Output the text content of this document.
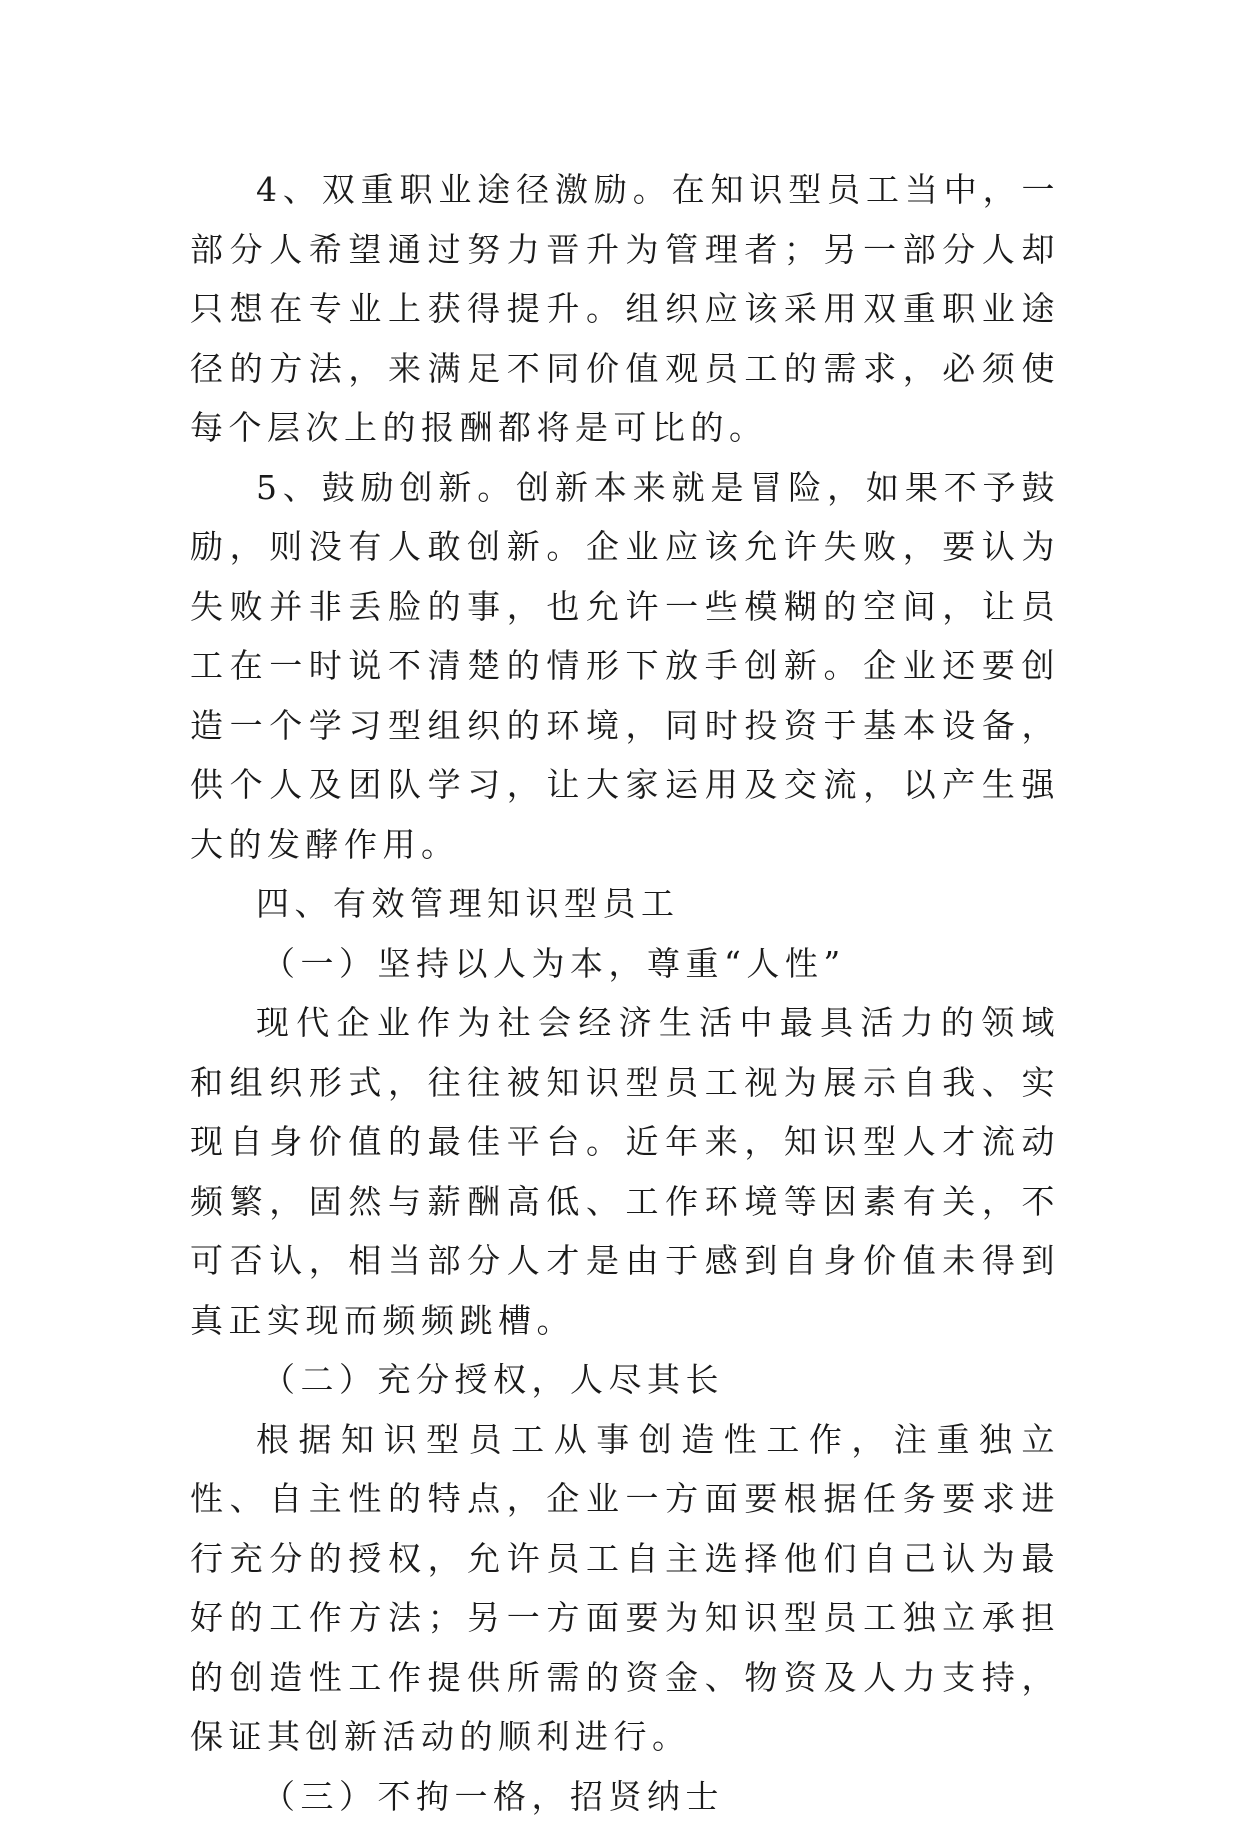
4、双重职业途径激励。在知识型员工当中，一部分人希望通过努力晋升为管理者；另一部分人却只想在专业上获得提升。组织应该采用双重职业途径的方法，来满足不同价值观员工的需求，必须使每个层次上的报酬都将是可比的。

5、鼓励创新。创新本来就是冒险，如果不予鼓励，则没有人敢创新。企业应该允许失败，要认为失败并非丢脸的事，也允许一些模糊的空间，让员工在一时说不清楚的情形下放手创新。企业还要创造一个学习型组织的环境，同时投资于基本设备，供个人及团队学习，让大家运用及交流，以产生强大的发酵作用。

四、有效管理知识型员工

（一）坚持以人为本，尊重“人性”

现代企业作为社会经济生活中最具活力的领域和组织形式，往往被知识型员工视为展示自我、实现自身价值的最佳平台。近年来，知识型人才流动频繁，固然与薪酬高低、工作环境等因素有关，不可否认，相当部分人才是由于感到自身价值未得到真正实现而频频跳槽。

（二）充分授权，人尽其长

根据知识型员工从事创造性工作，注重独立性、自主性的特点，企业一方面要根据任务要求进行充分的授权，允许员工自主选择他们自己认为最好的工作方法；另一方面要为知识型员工独立承担的创造性工作提供所需的资金、物资及人力支持，保证其创新活动的顺利进行。

（三）不拘一格，招贤纳士
